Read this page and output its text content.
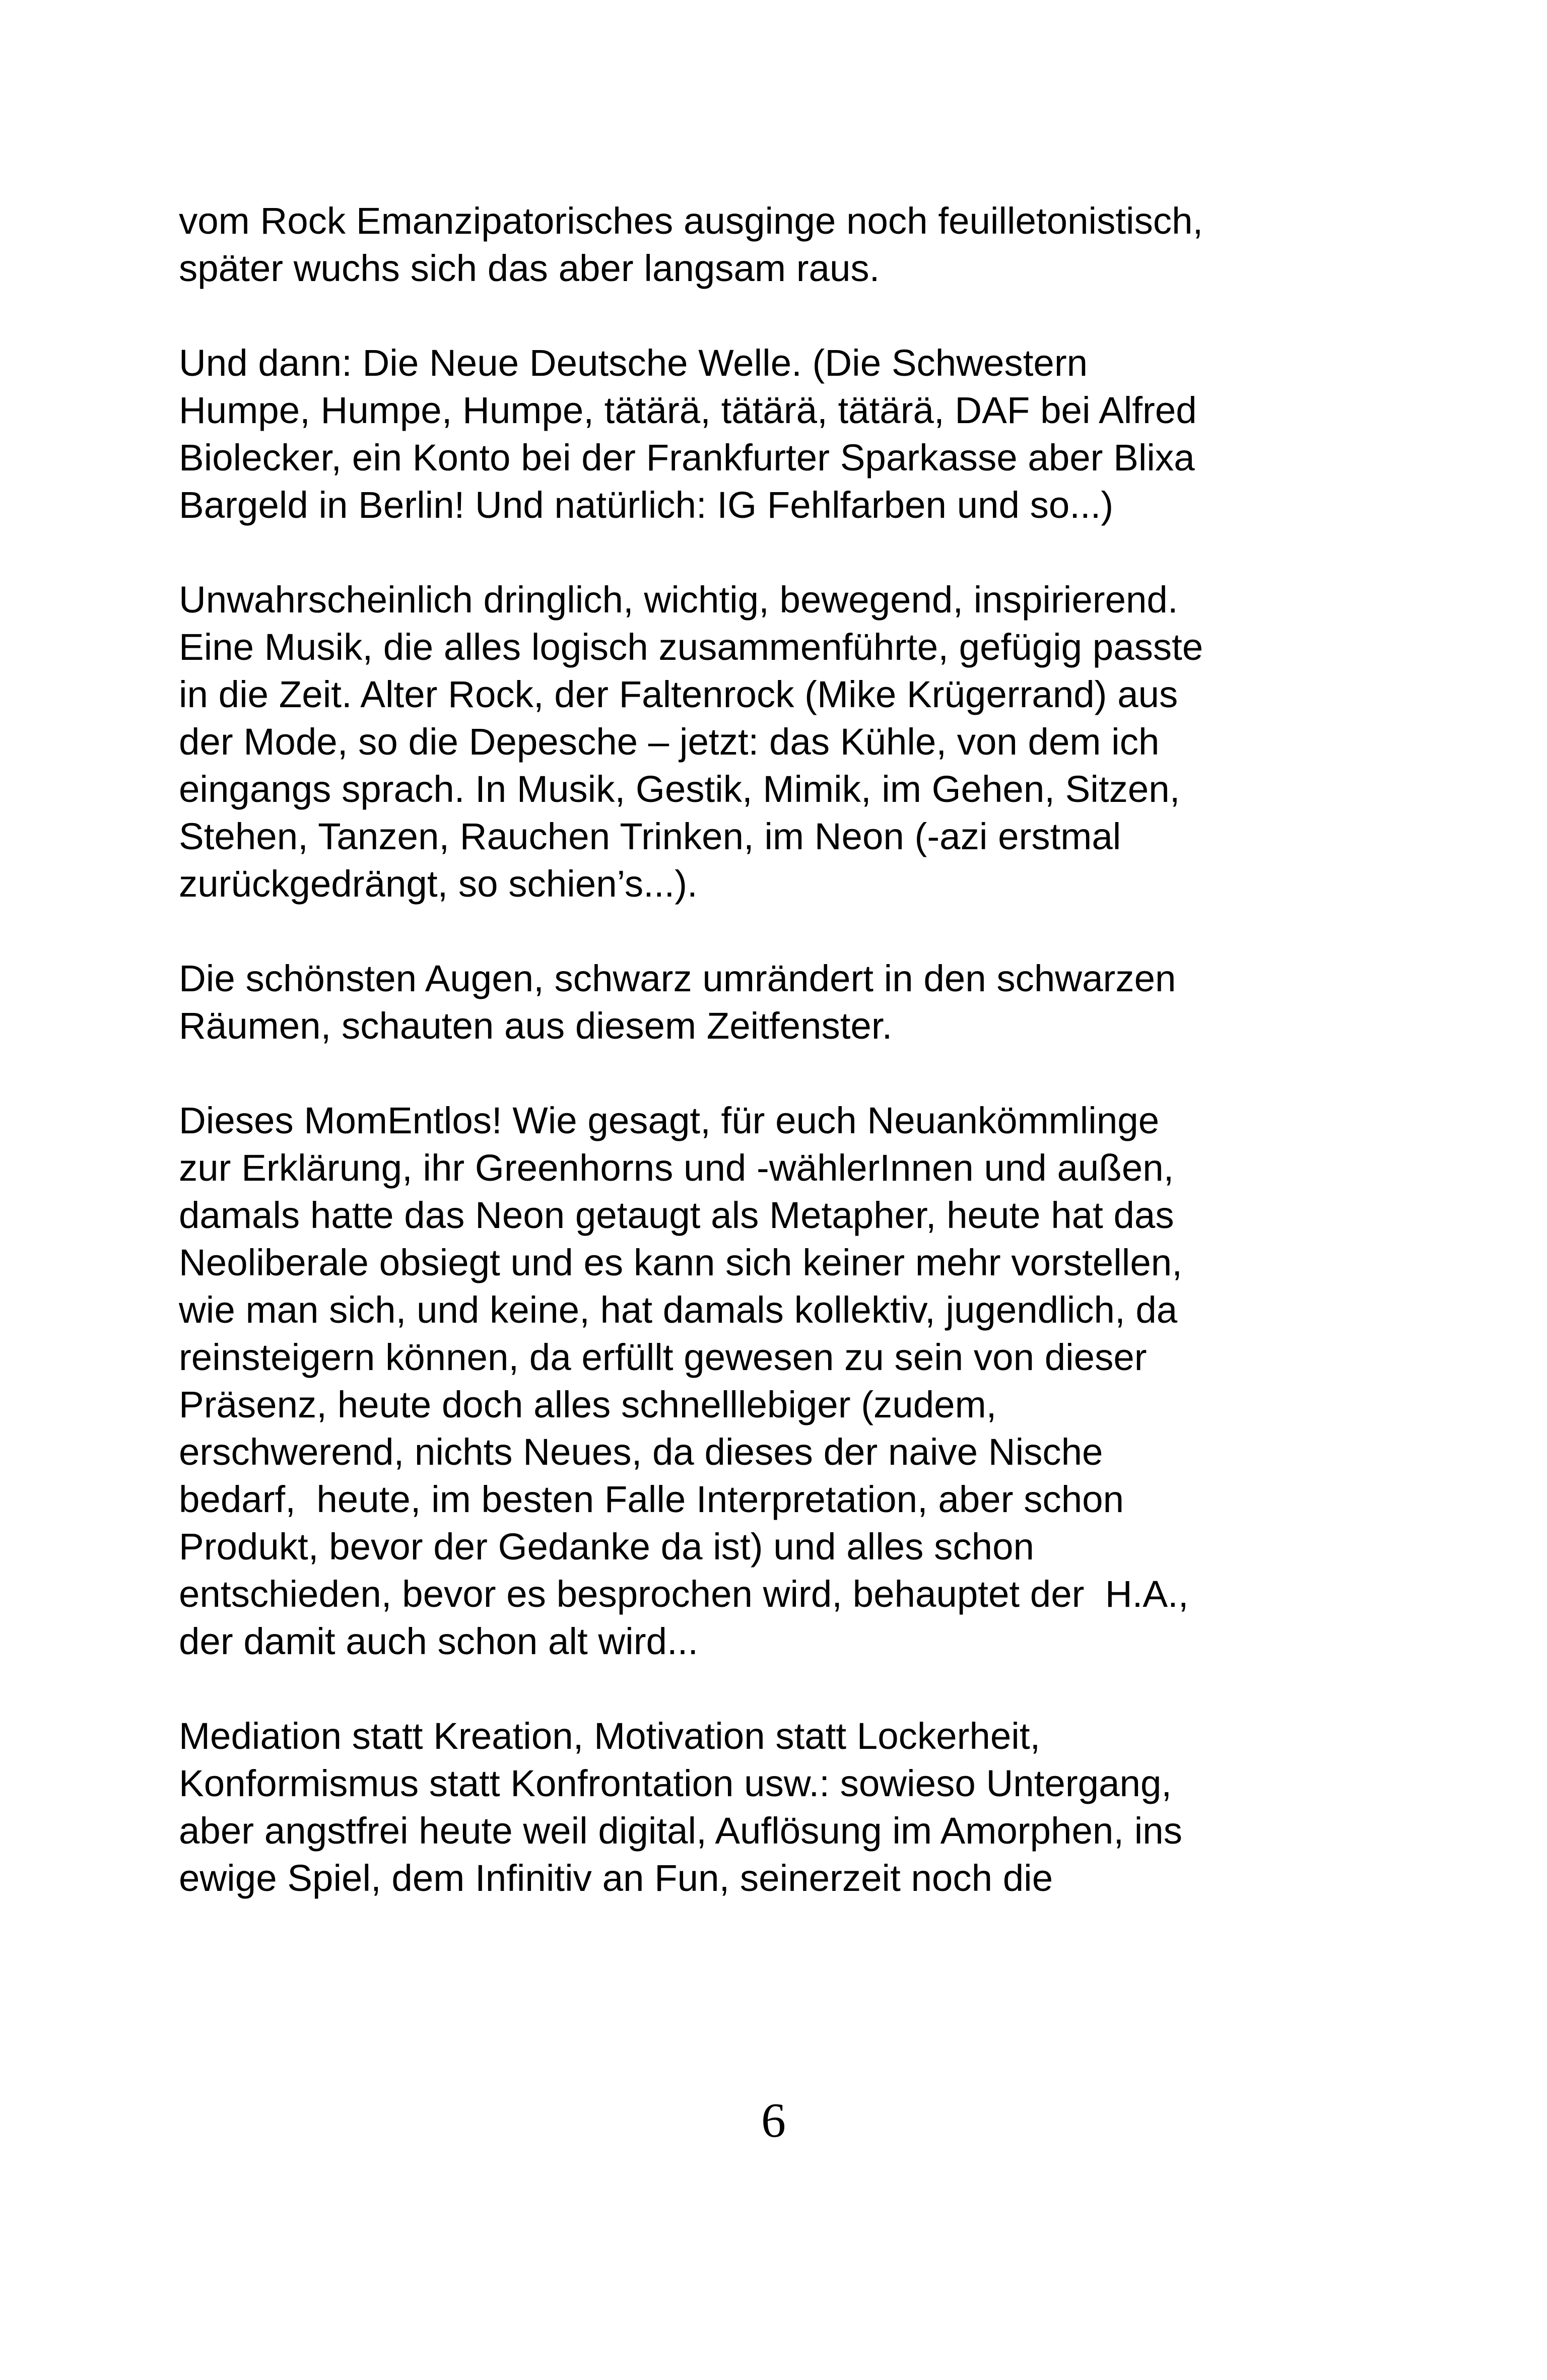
vom Rock Emanzipatorisches ausginge noch feuilletonistisch,
später wuchs sich das aber langsam raus.

Und dann: Die Neue Deutsche Welle. (Die Schwestern
Humpe, Humpe, Humpe, tätärä, tätärä, tätärä, DAF bei Alfred
Biolecker, ein Konto bei der Frankfurter Sparkasse aber Blixa
Bargeld in Berlin! Und natürlich: IG Fehlfarben und so...)

Unwahrscheinlich dringlich, wichtig, bewegend, inspirierend.
Eine Musik, die alles logisch zusammenführte, gefügig passte
in die Zeit. Alter Rock, der Faltenrock (Mike Krügerrand) aus
der Mode, so die Depesche – jetzt: das Kühle, von dem ich
eingangs sprach. In Musik, Gestik, Mimik, im Gehen, Sitzen,
Stehen, Tanzen, Rauchen Trinken, im Neon (-azi erstmal
zurückgedrängt, so schien’s...).

Die schönsten Augen, schwarz umrändert in den schwarzen
Räumen, schauten aus diesem Zeitfenster.

Dieses MomEntlos! Wie gesagt, für euch Neuankömmlinge
zur Erklärung, ihr Greenhorns und -wählerInnen und außen,
damals hatte das Neon getaugt als Metapher, heute hat das
Neoliberale obsiegt und es kann sich keiner mehr vorstellen,
wie man sich, und keine, hat damals kollektiv, jugendlich, da
reinsteigern können, da erfüllt gewesen zu sein von dieser
Präsenz, heute doch alles schnelllebiger (zudem,
erschwerend, nichts Neues, da dieses der naive Nische
bedarf,  heute, im besten Falle Interpretation, aber schon
Produkt, bevor der Gedanke da ist) und alles schon
entschieden, bevor es besprochen wird, behauptet der  H.A.,
der damit auch schon alt wird...

Mediation statt Kreation, Motivation statt Lockerheit,
Konformismus statt Konfrontation usw.: sowieso Untergang,
aber angstfrei heute weil digital, Auflösung im Amorphen, ins
ewige Spiel, dem Infinitiv an Fun, seinerzeit noch die

6
